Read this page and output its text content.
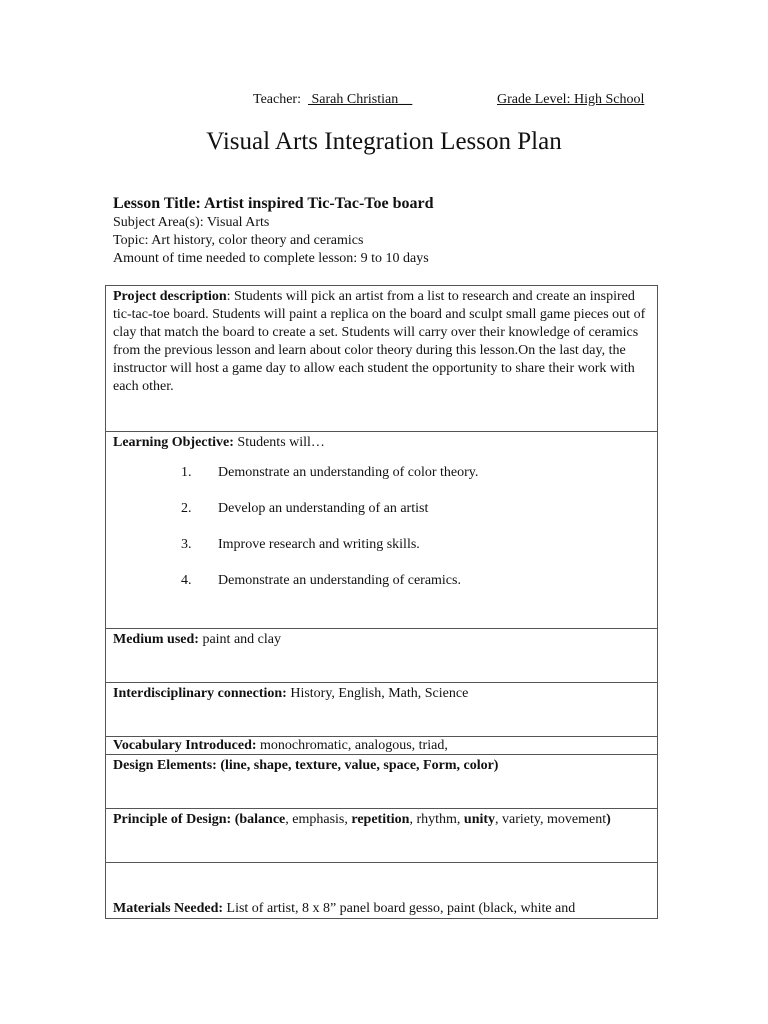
Teacher: Sarah Christian__	Grade Level: High School
Visual Arts Integration Lesson Plan
Lesson Title: Artist inspired Tic-Tac-Toe board
Subject Area(s): Visual Arts
Topic: Art history, color theory and ceramics
Amount of time needed to complete lesson: 9 to 10 days
Project description: Students will pick an artist from a list to research and create an inspired tic-tac-toe board. Students will paint a replica on the board and sculpt small game pieces out of clay that match the board to create a set. Students will carry over their knowledge of ceramics from the previous lesson and learn about color theory during this lesson.On the last day, the instructor will host a game day to allow each student the opportunity to share their work with each other.
Learning Objective: Students will…
1. Demonstrate an understanding of color theory.
2. Develop an understanding of an artist
3. Improve research and writing skills.
4. Demonstrate an understanding of ceramics.
Medium used: paint and clay
Interdisciplinary connection: History, English, Math, Science
Vocabulary Introduced: monochromatic, analogous, triad,
Design Elements: (line, shape, texture, value, space, Form, color)
Principle of Design: (balance, emphasis, repetition, rhythm, unity, variety, movement)
Materials Needed: List of artist, 8 x 8” panel board gesso, paint (black, white and
